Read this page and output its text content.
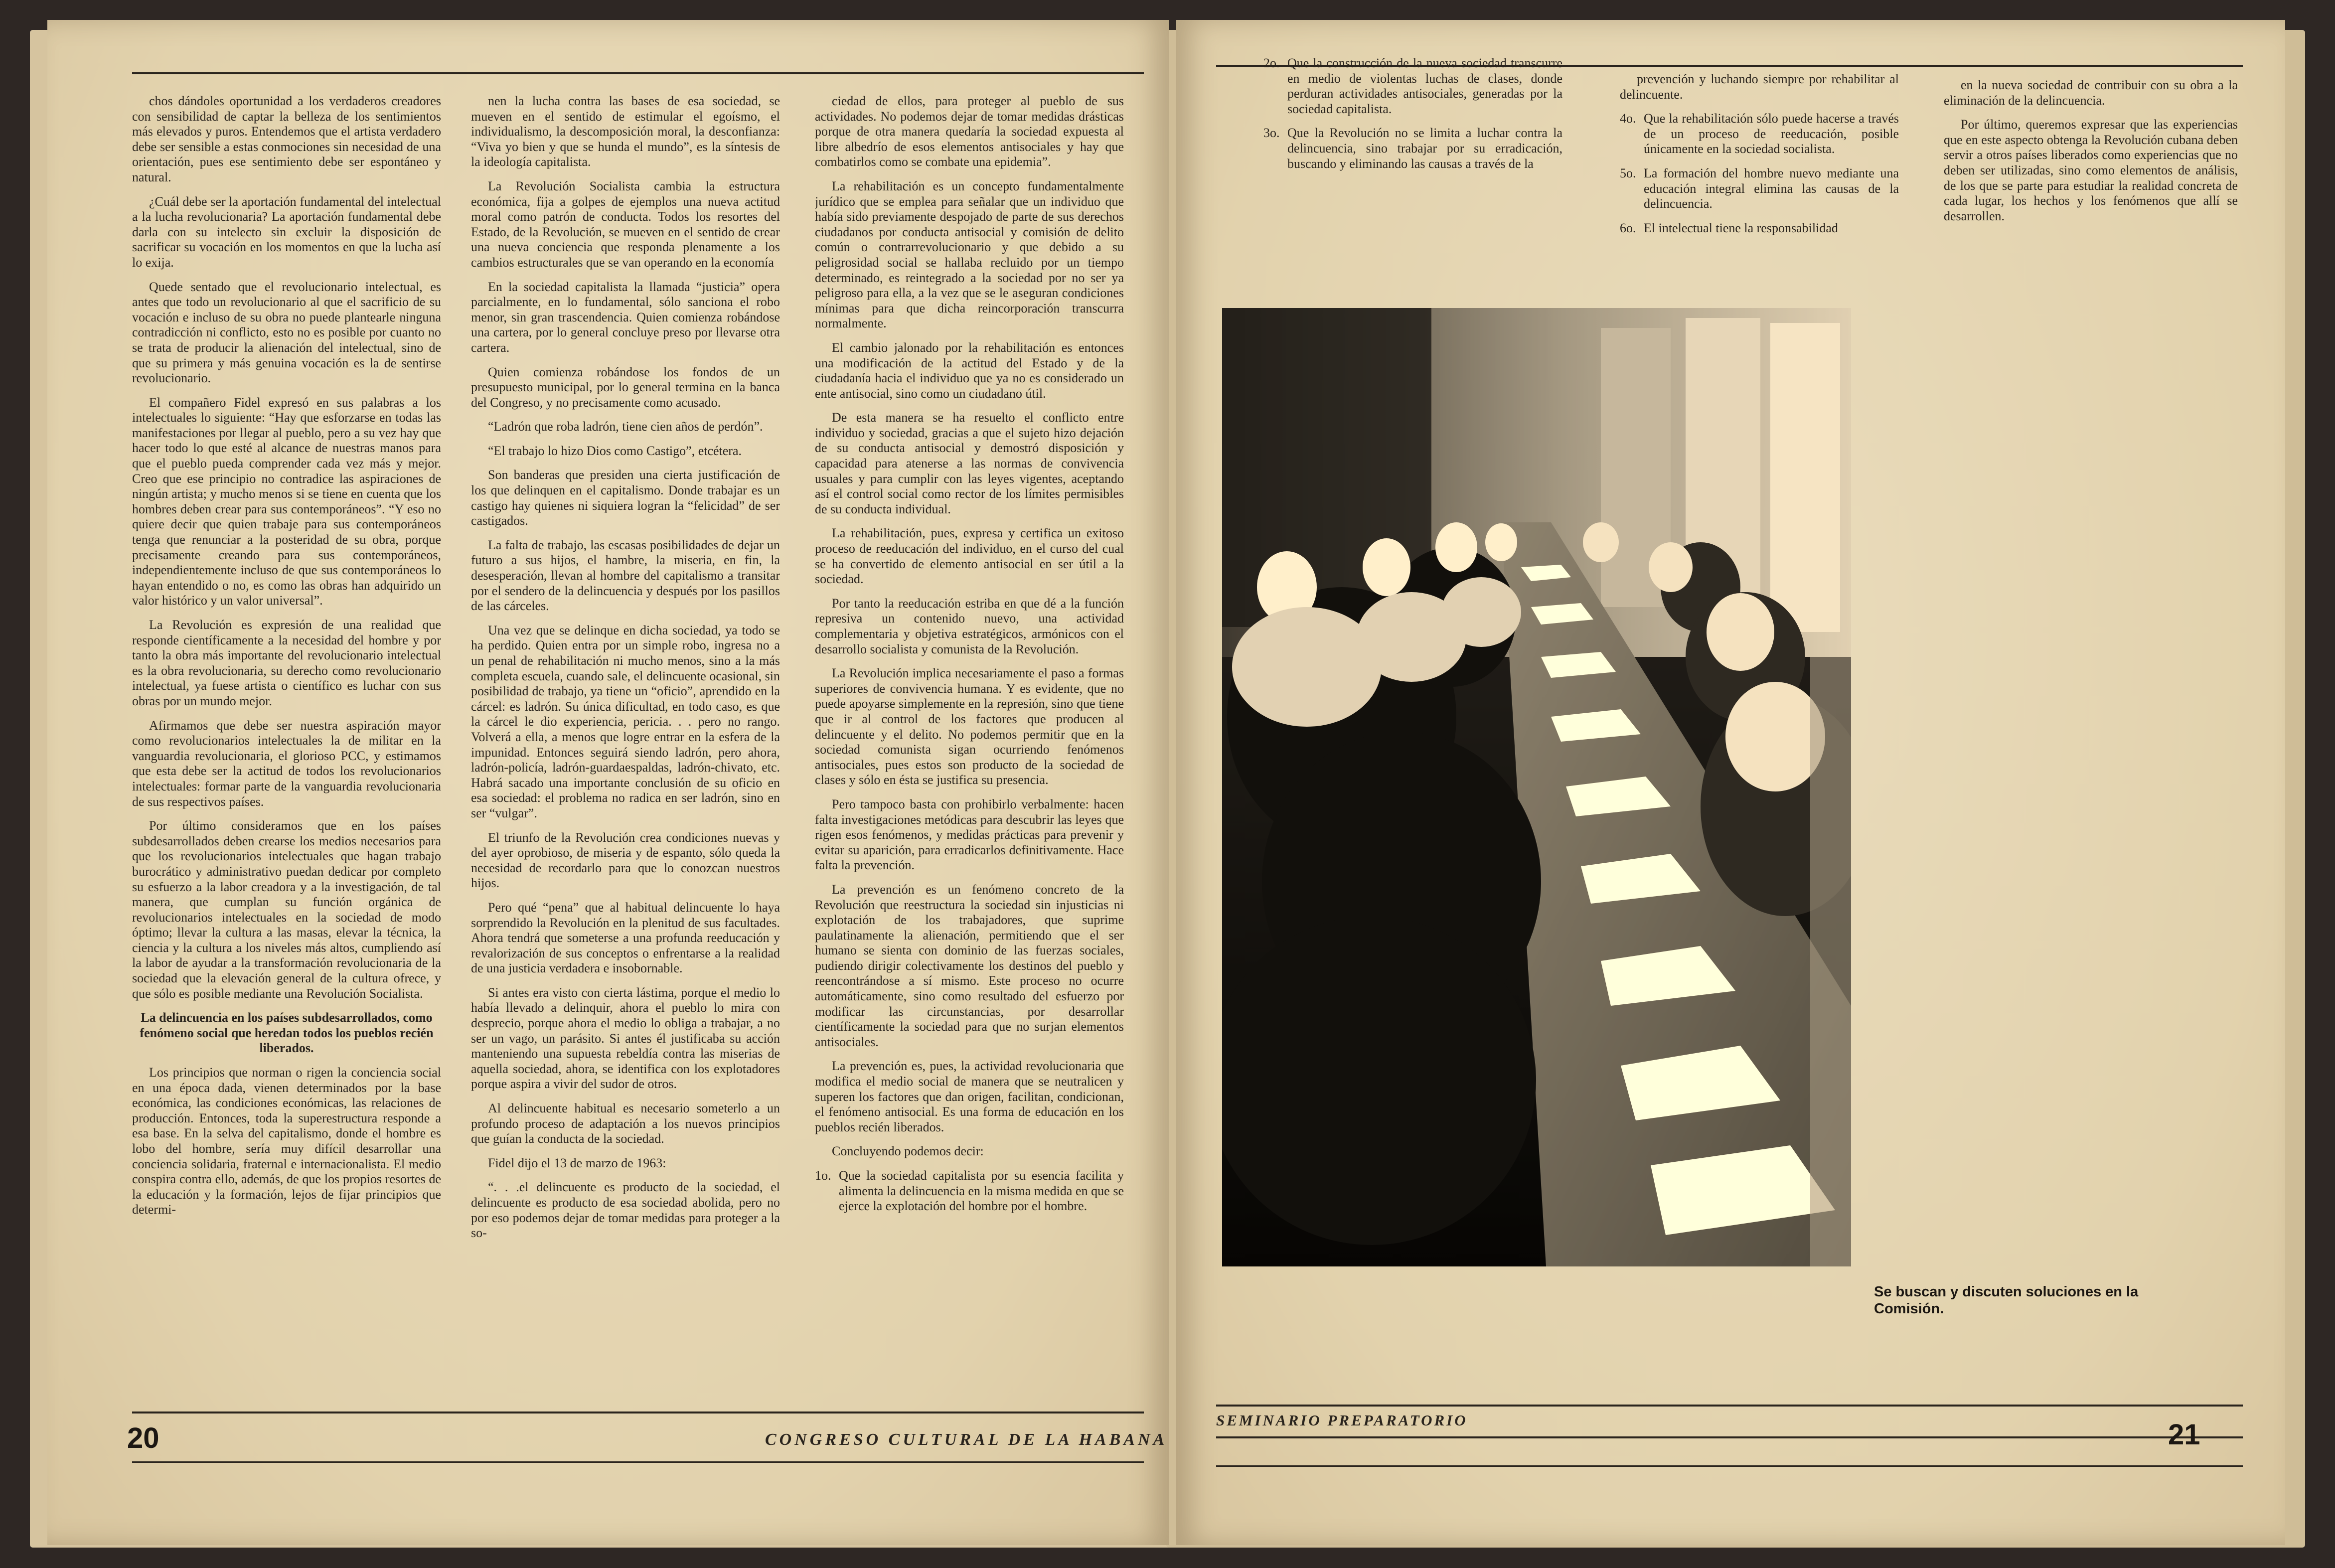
chos dándoles oportunidad a los verdaderos creadores con sensibilidad de captar la belleza de los sentimientos más elevados y puros. Entendemos que el artista verdadero debe ser sensible a estas conmociones sin necesidad de una orientación, pues ese sentimiento debe ser espontáneo y natural.

¿Cuál debe ser la aportación fundamental del intelectual a la lucha revolucionaria? La aportación fundamental debe darla con su intelecto sin excluir la disposición de sacrificar su vocación en los momentos en que la lucha así lo exija.

Quede sentado que el revolucionario intelectual, es antes que todo un revolucionario al que el sacrificio de su vocación e incluso de su obra no puede plantearle ninguna contradicción ni conflicto, esto no es posible por cuanto no se trata de producir la alienación del intelectual, sino de que su primera y más genuina vocación es la de sentirse revolucionario.

El compañero Fidel expresó en sus palabras a los intelectuales lo siguiente: “Hay que esforzarse en todas las manifestaciones por llegar al pueblo, pero a su vez hay que hacer todo lo que esté al alcance de nuestras manos para que el pueblo pueda comprender cada vez más y mejor. Creo que ese principio no contradice las aspiraciones de ningún artista; y mucho menos si se tiene en cuenta que los hombres deben crear para sus contemporáneos”. “Y eso no quiere decir que quien trabaje para sus contemporáneos tenga que renunciar a la posteridad de su obra, porque precisamente creando para sus contemporáneos, independientemente incluso de que sus contemporáneos lo hayan entendido o no, es como las obras han adquirido un valor histórico y un valor universal”.

La Revolución es expresión de una realidad que responde científicamente a la necesidad del hombre y por tanto la obra más importante del revolucionario intelectual es la obra revolucionaria, su derecho como revolucionario intelectual, ya fuese artista o científico es luchar con sus obras por un mundo mejor.

Afirmamos que debe ser nuestra aspiración mayor como revolucionarios intelectuales la de militar en la vanguardia revolucionaria, el glorioso PCC, y estimamos que esta debe ser la actitud de todos los revolucionarios intelectuales: formar parte de la vanguardia revolucionaria de sus respectivos países.

Por último consideramos que en los países subdesarrollados deben crearse los medios necesarios para que los revolucionarios intelectuales que hagan trabajo burocrático y administrativo puedan dedicar por completo su esfuerzo a la labor creadora y a la investigación, de tal manera, que cumplan su función orgánica de revolucionarios intelectuales en la sociedad de modo óptimo; llevar la cultura a las masas, elevar la técnica, la ciencia y la cultura a los niveles más altos, cumpliendo así la labor de ayudar a la transformación revolucionaria de la sociedad que la elevación general de la cultura ofrece, y que sólo es posible mediante una Revolución Socialista.

La delincuencia en los países subdesarrollados, como fenómeno social que heredan todos los pueblos recién liberados.

Los principios que norman o rigen la conciencia social en una época dada, vienen determinados por la base económica, las condiciones económicas, las relaciones de producción. Entonces, toda la superestructura responde a esa base. En la selva del capitalismo, donde el hombre es lobo del hombre, sería muy difícil desarrollar una conciencia solidaria, fraternal e internacionalista. El medio conspira contra ello, además, de que los propios resortes de la educación y la formación, lejos de fijar principios que determi-

nen la lucha contra las bases de esa sociedad, se mueven en el sentido de estimular el egoísmo, el individualismo, la descomposición moral, la desconfianza: “Viva yo bien y que se hunda el mundo”, es la síntesis de la ideología capitalista.

La Revolución Socialista cambia la estructura económica, fija a golpes de ejemplos una nueva actitud moral como patrón de conducta. Todos los resortes del Estado, de la Revolución, se mueven en el sentido de crear una nueva conciencia que responda plenamente a los cambios estructurales que se van operando en la economía

En la sociedad capitalista la llamada “justicia” opera parcialmente, en lo fundamental, sólo sanciona el robo menor, sin gran trascendencia. Quien comienza robándose una cartera, por lo general concluye preso por llevarse otra cartera.

Quien comienza robándose los fondos de un presupuesto municipal, por lo general termina en la banca del Congreso, y no precisamente como acusado.

“Ladrón que roba ladrón, tiene cien años de perdón”.

“El trabajo lo hizo Dios como Castigo”, etcétera.

Son banderas que presiden una cierta justificación de los que delinquen en el capitalismo. Donde trabajar es un castigo hay quienes ni siquiera logran la “felicidad” de ser castigados.

La falta de trabajo, las escasas posibilidades de dejar un futuro a sus hijos, el hambre, la miseria, en fin, la desesperación, llevan al hombre del capitalismo a transitar por el sendero de la delincuencia y después por los pasillos de las cárceles.

Una vez que se delinque en dicha sociedad, ya todo se ha perdido. Quien entra por un simple robo, ingresa no a un penal de rehabilitación ni mucho menos, sino a la más completa escuela, cuando sale, el delincuente ocasional, sin posibilidad de trabajo, ya tiene un “oficio”, aprendido en la cárcel: es ladrón. Su única dificultad, en todo caso, es que la cárcel le dio experiencia, pericia. . . pero no rango. Volverá a ella, a menos que logre entrar en la esfera de la impunidad. Entonces seguirá siendo ladrón, pero ahora, ladrón-policía, ladrón-guardaespaldas, ladrón-chivato, etc. Habrá sacado una importante conclusión de su oficio en esa sociedad: el problema no radica en ser ladrón, sino en ser “vulgar”.

El triunfo de la Revolución crea condiciones nuevas y del ayer oprobioso, de miseria y de espanto, sólo queda la necesidad de recordarlo para que lo conozcan nuestros hijos.

Pero qué “pena” que al habitual delincuente lo haya sorprendido la Revolución en la plenitud de sus facultades. Ahora tendrá que someterse a una profunda reeducación y revalorización de sus conceptos o enfrentarse a la realidad de una justicia verdadera e insobornable.

Si antes era visto con cierta lástima, porque el medio lo había llevado a delinquir, ahora el pueblo lo mira con desprecio, porque ahora el medio lo obliga a trabajar, a no ser un vago, un parásito. Si antes él justificaba su acción manteniendo una supuesta rebeldía contra las miserias de aquella sociedad, ahora, se identifica con los explotadores porque aspira a vivir del sudor de otros.

Al delincuente habitual es necesario someterlo a un profundo proceso de adaptación a los nuevos principios que guían la conducta de la sociedad.

Fidel dijo el 13 de marzo de 1963:

“. . .el delincuente es producto de la sociedad, el delincuente es producto de esa sociedad abolida, pero no por eso podemos dejar de tomar medidas para proteger a la so-

ciedad de ellos, para proteger al pueblo de sus actividades. No podemos dejar de tomar medidas drásticas porque de otra manera quedaría la sociedad expuesta al libre albedrío de esos elementos antisociales y hay que combatirlos como se combate una epidemia”.

La rehabilitación es un concepto fundamentalmente jurídico que se emplea para señalar que un individuo que había sido previamente despojado de parte de sus derechos ciudadanos por conducta antisocial y comisión de delito común o contrarrevolucionario y que debido a su peligrosidad social se hallaba recluido por un tiempo determinado, es reintegrado a la sociedad por no ser ya peligroso para ella, a la vez que se le aseguran condiciones mínimas para que dicha reincorporación transcurra normalmente.

El cambio jalonado por la rehabilitación es entonces una modificación de la actitud del Estado y de la ciudadanía hacia el individuo que ya no es considerado un ente antisocial, sino como un ciudadano útil.

De esta manera se ha resuelto el conflicto entre individuo y sociedad, gracias a que el sujeto hizo dejación de su conducta antisocial y demostró disposición y capacidad para atenerse a las normas de convivencia usuales y para cumplir con las leyes vigentes, aceptando así el control social como rector de los límites permisibles de su conducta individual.

La rehabilitación, pues, expresa y certifica un exitoso proceso de reeducación del individuo, en el curso del cual se ha convertido de elemento antisocial en ser útil a la sociedad.

Por tanto la reeducación estriba en que dé a la función represiva un contenido nuevo, una actividad complementaria y objetiva estratégicos, armónicos con el desarrollo socialista y comunista de la Revolución.

La Revolución implica necesariamente el paso a formas superiores de convivencia humana. Y es evidente, que no puede apoyarse simplemente en la represión, sino que tiene que ir al control de los factores que producen al delincuente y el delito. No podemos permitir que en la sociedad comunista sigan ocurriendo fenómenos antisociales, pues estos son producto de la sociedad de clases y sólo en ésta se justifica su presencia.

Pero tampoco basta con prohibirlo verbalmente: hacen falta investigaciones metódicas para descubrir las leyes que rigen esos fenómenos, y medidas prácticas para prevenir y evitar su aparición, para erradicarlos definitivamente. Hace falta la prevención.

La prevención es un fenómeno concreto de la Revolución que reestructura la sociedad sin injusticias ni explotación de los trabajadores, que suprime paulatinamente la alienación, permitiendo que el ser humano se sienta con dominio de las fuerzas sociales, pudiendo dirigir colectivamente los destinos del pueblo y reencontrándose a sí mismo. Este proceso no ocurre automáticamente, sino como resultado del esfuerzo por modificar las circunstancias, por desarrollar científicamente la sociedad para que no surjan elementos antisociales.

La prevención es, pues, la actividad revolucionaria que modifica el medio social de manera que se neutralicen y superen los factores que dan origen, facilitan, condicionan, el fenómeno antisocial. Es una forma de educación en los pueblos recién liberados.

Concluyendo podemos decir:

1o. Que la sociedad capitalista por su esencia facilita y alimenta la delincuencia en la misma medida en que se ejerce la explotación del hombre por el hombre.

20	CONGRESO CULTURAL DE LA HABANA

2o. Que la construcción de la nueva sociedad transcurre en medio de violentas luchas de clases, donde perduran actividades antisociales, generadas por la sociedad capitalista.

3o. Que la Revolución no se limita a luchar contra la delincuencia, sino trabajar por su erradicación, buscando y eliminando las causas a través de la

prevención y luchando siempre por rehabilitar al delincuente.

4o. Que la rehabilitación sólo puede hacerse a través de un proceso de reeducación, posible únicamente en la sociedad socialista.

5o. La formación del hombre nuevo mediante una educación integral elimina las causas de la delincuencia.

6o. El intelectual tiene la responsabilidad

en la nueva sociedad de contribuir con su obra a la eliminación de la delincuencia.

Por último, queremos expresar que las experiencias que en este aspecto obtenga la Revolución cubana deben servir a otros países liberados como experiencias que no deben ser utilizadas, sino como elementos de análisis, de los que se parte para estudiar la realidad concreta de cada lugar, los hechos y los fenómenos que allí se desarrollen.

Se buscan y discuten soluciones en la Comisión.
SEMINARIO PREPARATORIO	21
